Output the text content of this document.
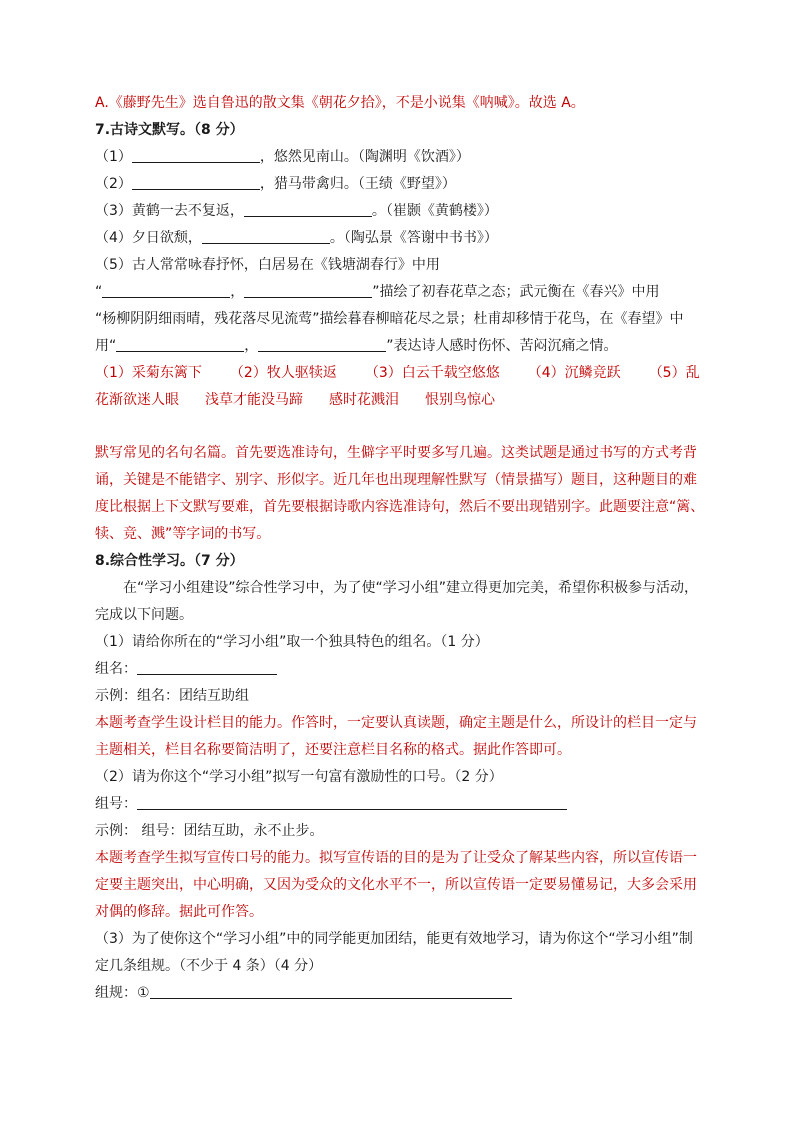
A.《藤野先生》选自鲁迅的散文集《朝花夕拾》，不是小说集《呐喊》。故选 A。
7.古诗文默写。（8 分）
（1）	，悠然见南山。（陶渊明《饮酒》）
（2）	，猎马带禽归。（王绩《野望》）
（3）黄鹤一去不复返，	。（崔颢《黄鹤楼》）
（4）夕日欲颓，	。（陶弘景《答谢中书书》）
（5）古人常常咏春抒怀，白居易在《钱塘湖春行》中用
“	，	”描绘了初春花草之态；武元衡在《春兴》中用
“杨柳阴阴细雨晴，残花落尽见流莺”描绘暮春柳暗花尽之景；杜甫却移情于花鸟，在《春望》中
用“	，	”表达诗人感时伤怀、苦闷沉痛之情。
（1）采菊东篱下 （2）牧人驱犊返 （3）白云千载空悠悠 （4）沉鳞竞跃 （5）乱
花渐欲迷人眼 浅草才能没马蹄 感时花溅泪 恨别鸟惊心
默写常见的名句名篇。首先要选准诗句，生僻字平时要多写几遍。这类试题是通过书写的方式考背诵，关键是不能错字、别字、形似字。近几年也出现理解性默写（情景描写）题目，这种题目的难度比根据上下文默写要难，首先要根据诗歌内容选准诗句，然后不要出现错别字。此题要注意“篱、犊、竞、溅”等字词的书写。
8.综合性学习。（7 分）
在“学习小组建设”综合性学习中，为了使“学习小组”建立得更加完美，希望你积极参与活动，完成以下问题。
（1）请给你所在的“学习小组”取一个独具特色的组名。（1 分）
组名：
示例：组名：团结互助组
本题考查学生设计栏目的能力。作答时，一定要认真读题，确定主题是什么，所设计的栏目一定与主题相关，栏目名称要简洁明了，还要注意栏目名称的格式。据此作答即可。
（2）请为你这个“学习小组”拟写一句富有激励性的口号。（2 分）
组号：
示例： 组号：团结互助，永不止步。
本题考查学生拟写宣传口号的能力。拟写宣传语的目的是为了让受众了解某些内容，所以宣传语一定要主题突出，中心明确，又因为受众的文化水平不一，所以宣传语一定要易懂易记，大多会采用对偶的修辞。据此可作答。
（3）为了使你这个“学习小组”中的同学能更加团结，能更有效地学习，请为你这个“学习小组”制定几条组规。（不少于 4 条）（4 分）
组规：①
